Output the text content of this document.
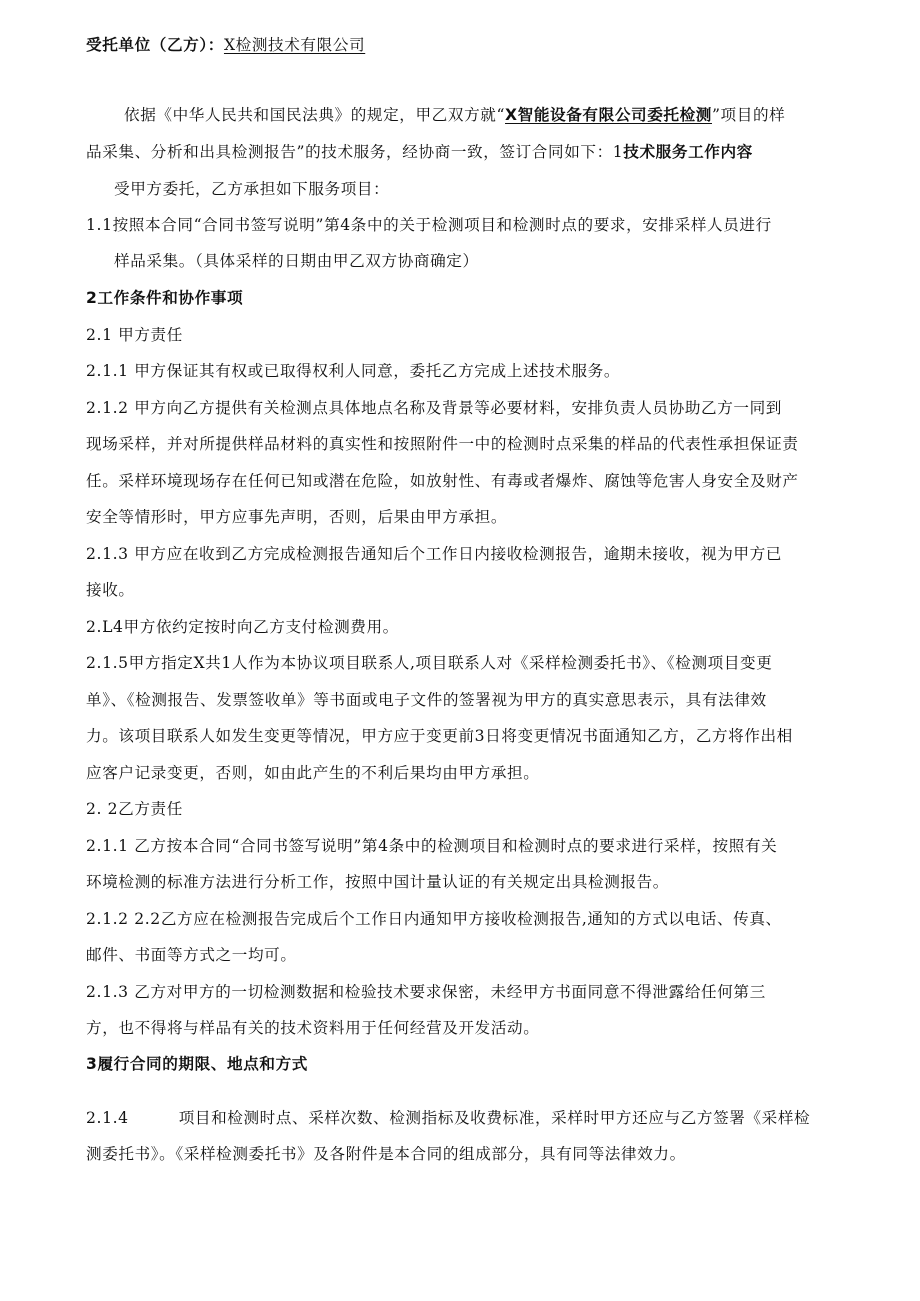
受托单位（乙方）：X检测技术有限公司
依据《中华人民共和国民法典》的规定，甲乙双方就“X智能设备有限公司委托检测”项目的样
品采集、分析和出具检测报告”的技术服务，经协商一致，签订合同如下：1技术服务工作内容
受甲方委托，乙方承担如下服务项目：
1.1按照本合同“合同书签写说明”第4条中的关于检测项目和检测时点的要求，安排采样人员进行
样品采集。（具体采样的日期由甲乙双方协商确定）
2工作条件和协作事项
2.1 甲方责任
2.1.1 甲方保证其有权或已取得权利人同意，委托乙方完成上述技术服务。
2.1.2 甲方向乙方提供有关检测点具体地点名称及背景等必要材料，安排负责人员协助乙方一同到
现场采样，并对所提供样品材料的真实性和按照附件一中的检测时点采集的样品的代表性承担保证责
任。采样环境现场存在任何已知或潜在危险，如放射性、有毒或者爆炸、腐蚀等危害人身安全及财产
安全等情形时，甲方应事先声明，否则，后果由甲方承担。
2.1.3 甲方应在收到乙方完成检测报告通知后个工作日内接收检测报告，逾期未接收，视为甲方已
接收。
2.L4甲方依约定按时向乙方支付检测费用。
2.1.5甲方指定X共1人作为本协议项目联系人,项目联系人对《采样检测委托书》、《检测项目变更
单》、《检测报告、发票签收单》等书面或电子文件的签署视为甲方的真实意思表示，具有法律效
力。该项目联系人如发生变更等情况，甲方应于变更前3日将变更情况书面通知乙方，乙方将作出相
应客户记录变更，否则，如由此产生的不利后果均由甲方承担。
2. 2乙方责任
2.1.1 乙方按本合同“合同书签写说明”第4条中的检测项目和检测时点的要求进行采样，按照有关
环境检测的标准方法进行分析工作，按照中国计量认证的有关规定出具检测报告。
2.1.2 2.2乙方应在检测报告完成后个工作日内通知甲方接收检测报告,通知的方式以电话、传真、
邮件、书面等方式之一均可。
2.1.3 乙方对甲方的一切检测数据和检验技术要求保密，未经甲方书面同意不得泄露给任何第三
方，也不得将与样品有关的技术资料用于任何经营及开发活动。
3履行合同的期限、地点和方式
2.1.4	项目和检测时点、采样次数、检测指标及收费标准，采样时甲方还应与乙方签署《采样检
测委托书》。《采样检测委托书》及各附件是本合同的组成部分，具有同等法律效力。
